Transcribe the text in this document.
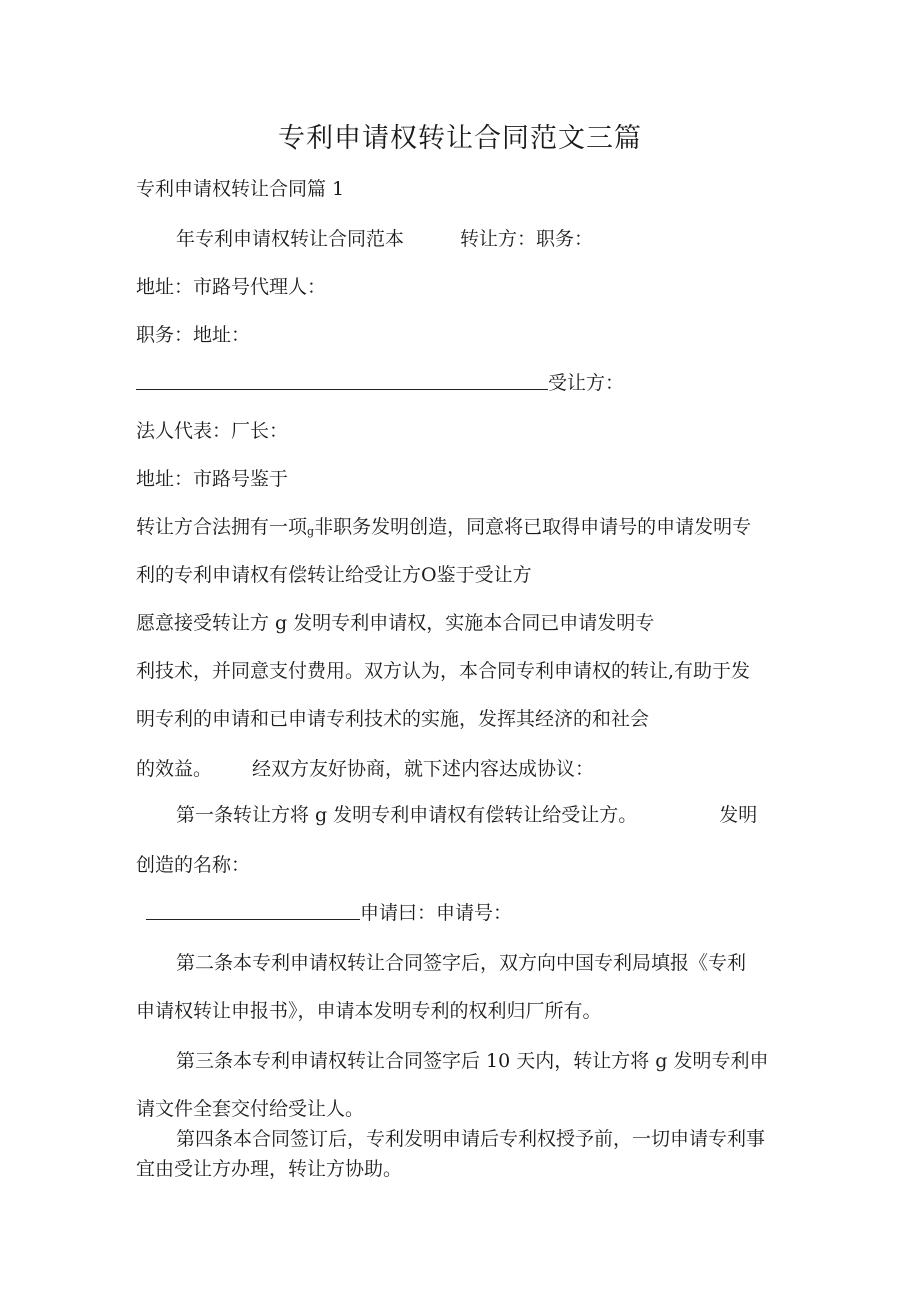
专利申请权转让合同范文三篇
专利申请权转让合同篇 1
年专利申请权转让合同范本	转让方：职务：
地址：市路号代理人：
职务：地址：
受让方：
法人代表：厂长：
地址：市路号鉴于
转让方合法拥有一项g非职务发明创造，同意将已取得申请号的申请发明专
利的专利申请权有偿转让给受让方O鉴于受让方
愿意接受转让方 g 发明专利申请权，实施本合同已申请发明专
利技术，并同意支付费用。双方认为，本合同专利申请权的转让,有助于发
明专利的申请和已申请专利技术的实施，发挥其经济的和社会
的效益。 经双方友好协商，就下述内容达成协议：
第一条转让方将 g 发明专利申请权有偿转让给受让方。	发明
创造的名称：
申请曰：申请号：
第二条本专利申请权转让合同签字后，双方向中国专利局填报《专利
申请权转让申报书》，申请本发明专利的权利归厂所有。
第三条本专利申请权转让合同签字后 10 天内，转让方将 g 发明专利申
请文件全套交付给受让人。
第四条本合同签订后，专利发明申请后专利权授予前，一切申请专利事
宜由受让方办理，转让方协助。
